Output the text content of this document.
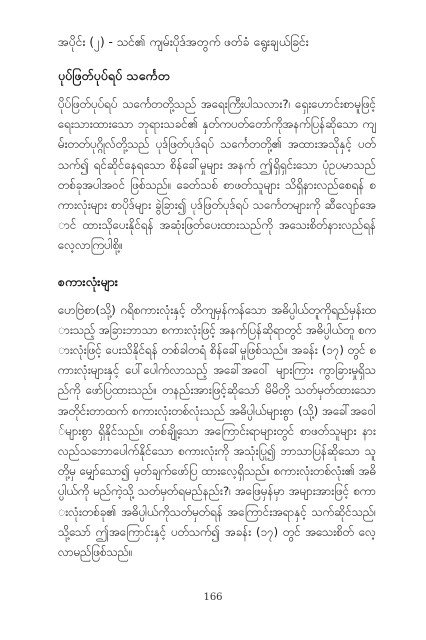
အပိုင်း (၂) - သင်၏ ကျမ်းပိုဒ်အတွက် ဖတ်ခံ ရွေးချယ်ခြင်း
ပုပ်ဖြတ်ပုပ်ရပ် သင်္ကေတ
ပိုပ်ဖြတ်ပုပ်ရပ် သင်္ကေတတို့သည် အရေးကြီးပါသလား?၊ ရှေးဟောင်းစာမူဖြင့် ရေးသားထားသော ဘုရားသခင်၏ နှတ်ကပတ်တော်ကိုအနက်ပြန်ဆိုသော ကျမ်းတတ်ပုဂ္ဂိုလ်တို့သည် ပုဒ်ဖြတ်ပုဒ်ရပ် သင်္ကေတတို့၏ အထားအသိုနှင့် ပတ်သက်၍ ရင်ဆိုင်နေရသော စိန်ခေါ်မှုများ အနက် ဤရှိရှင်းသော ပုံဥပမာသည် တစ်ခုအပါအဝင် ဖြစ်သည်။ ခေတ်သစ် စာဖတ်သူများ သိရှိနားလည်စေရန် စကားလုံးများ စာပိုဒ်များ ခွဲခြား၍ ပုဒ်ဖြတ်ပုဒ်ရပ် သင်္ကေတများကို ဆီလျော်အောင် ထားသိုပေးနိုင်ရန် အဆုံးဖြတ်ပေးထားသည်ကို အသေးစိတ်နားလည်ရန် လေ့လာကြပါစို့။
စကားလုံးများ
ဟေဗြဲစာ(သို့) ဂရိစကားလုံးနှင့် တိကျမှန်ကန်သော အဓိပ္ပါယ်တူကိုရည်မှန်းထားသည့် အခြားဘာသာ စကားလုံးဖြင့် အနက်ပြန်ဆိုရာတွင် အဓိပ္ပါယ်တူ စကားလုံးဖြင့် ပေးသိနိုင်ရန် တစ်ခါတရံ စိန်ခေါ်မှုဖြစ်သည်။ အခန်း (၁၇) တွင် စကားလုံးများနှင့် ပေါ်ပေါက်လာသည့် အခေါ်အဝေါ် များကြား ကွာခြားမှုရှိသည်ကို ဖော်ပြထားသည်။ တနည်းအားဖြင့်ဆိုသော် မိမိတို့ သတ်မှတ်ထားသောအတိုင်းတာထက် စကားလုံးတစ်လုံးသည် အဓိပ္ပါယ်များစွာ (သို့) အခေါ်အဝေါ်များစွာ ရှိနိုင်သည်။ တစ်ချို့သော အကြောင်းရာများတွင် စာဖတ်သူများ နားလည်သဘောပေါက်နိုင်သော စကားလုံးကို အသုံးပြု၍ ဘာသာပြန်ဆိုသော သူတို့မှ မျှော်သော၍ မှတ်ချက်ဖော်ပြ ထားလေ့ရှိသည်။ စကားလုံးတစ်လုံး၏ အဓိပ္ပါယ်ကို မည်ကဲ့သို့ သတ်မှတ်ရမည်နည်း?၊ အဖြေမှန်မှာ အများအားဖြင့် စကားလုံးတစ်ခု၏ အဓိပ္ပါယ်ကိုသတ်မှတ်ရန် အကြောင်းအရာနှင့် သက်ဆိုင်သည်၊ သို့သော် ဤအကြောင်းနှင့် ပတ်သက်၍ အခန်း (၁၇) တွင် အသေးစိတ် လေ့လာမည်ဖြစ်သည်။
166
